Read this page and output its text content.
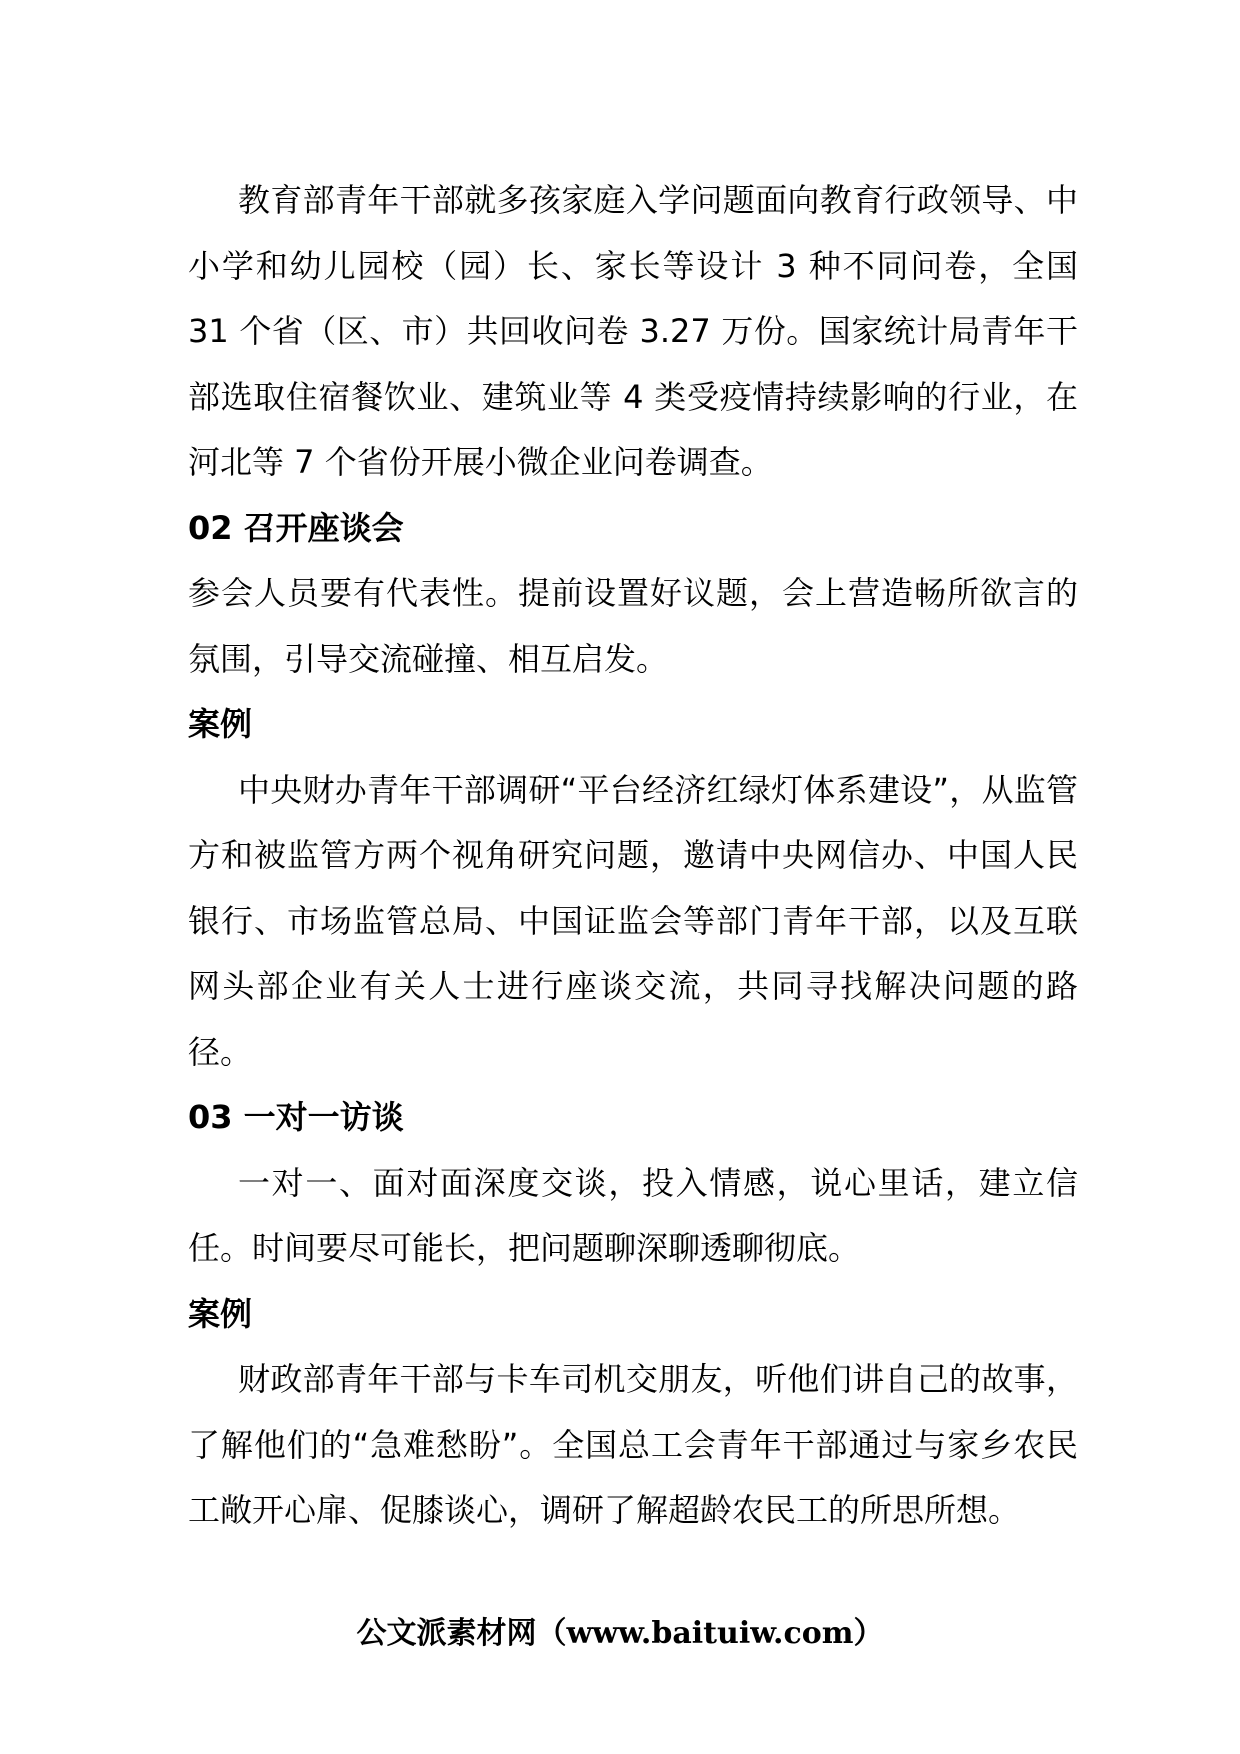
教育部青年干部就多孩家庭入学问题面向教育行政领导、中小学和幼儿园校（园）长、家长等设计 3 种不同问卷，全国 31 个省（区、市）共回收问卷 3.27 万份。国家统计局青年干部选取住宿餐饮业、建筑业等 4 类受疫情持续影响的行业，在河北等 7 个省份开展小微企业问卷调查。

02 召开座谈会

参会人员要有代表性。提前设置好议题，会上营造畅所欲言的氛围，引导交流碰撞、相互启发。

案例

中央财办青年干部调研“平台经济红绿灯体系建设”，从监管方和被监管方两个视角研究问题，邀请中央网信办、中国人民银行、市场监管总局、中国证监会等部门青年干部，以及互联网头部企业有关人士进行座谈交流，共同寻找解决问题的路径。

03 一对一访谈

一对一、面对面深度交谈，投入情感，说心里话，建立信任。时间要尽可能长，把问题聊深聊透聊彻底。

案例

财政部青年干部与卡车司机交朋友，听他们讲自己的故事，了解他们的“急难愁盼”。全国总工会青年干部通过与家乡农民工敞开心扉、促膝谈心，调研了解超龄农民工的所思所想。

公文派素材网（www.baituiw.com）
